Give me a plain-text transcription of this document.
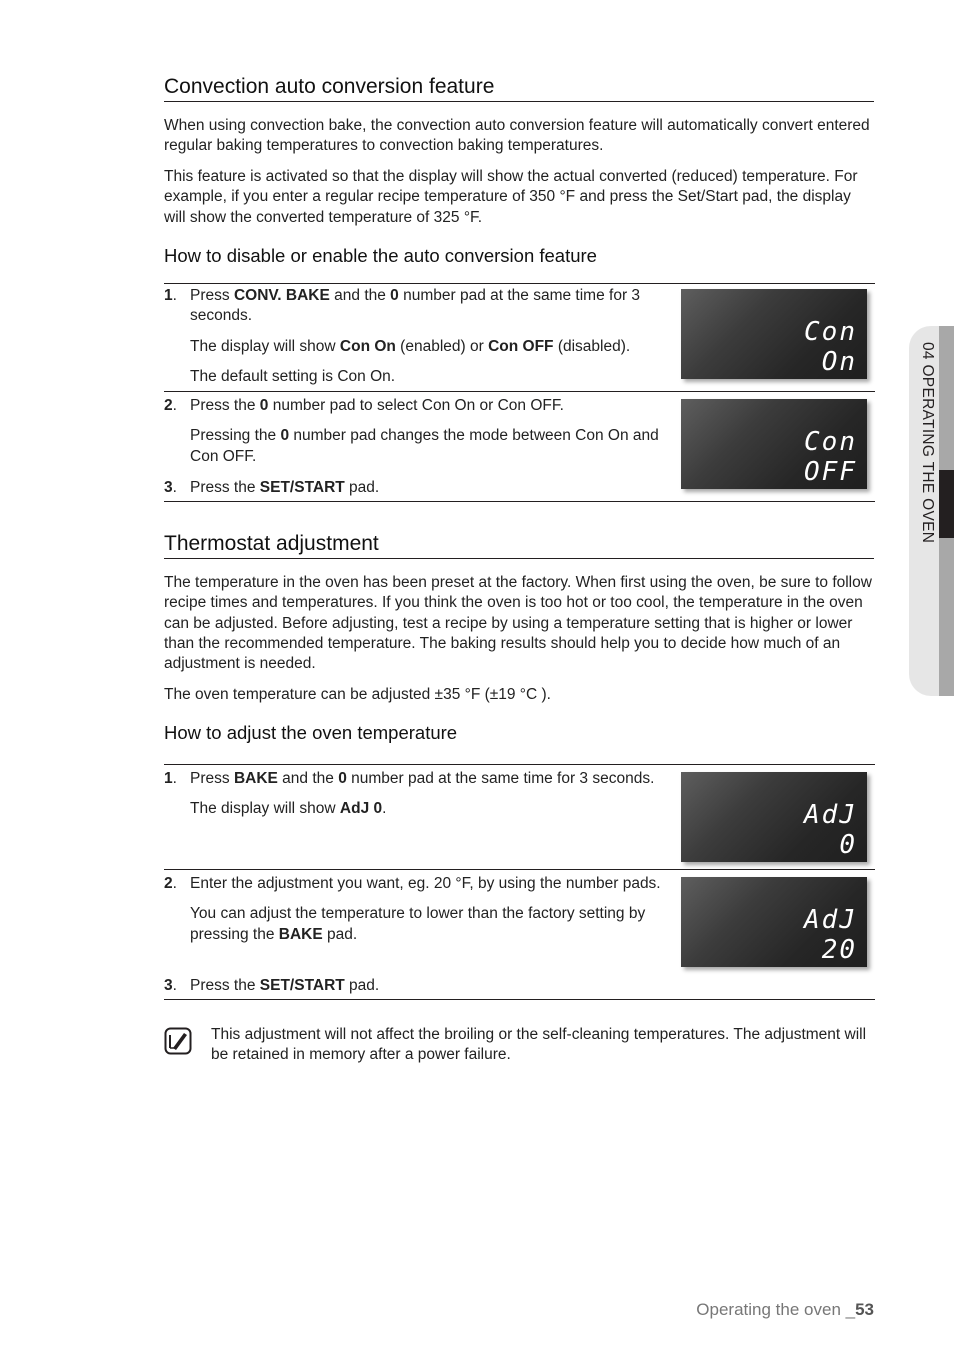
Convection auto conversion feature
When using convection bake, the convection auto conversion feature will automatically convert entered regular baking temperatures to convection baking temperatures.
This feature is activated so that the display will show the actual converted (reduced) temperature. For example, if you enter a regular recipe temperature of 350 °F and press the Set/Start pad, the display will show the converted temperature of 325 °F.
How to disable or enable the auto conversion feature
1. Press CONV. BAKE and the 0 number pad at the same time for 3 seconds.

The display will show Con On (enabled) or Con OFF (disabled).

The default setting is Con On.

Con
On
2. Press the 0 number pad to select Con On or Con OFF.

Pressing the 0 number pad changes the mode between Con On and Con OFF.

3. Press the SET/START pad.

Con
OFF
Thermostat adjustment
The temperature in the oven has been preset at the factory. When first using the oven, be sure to follow recipe times and temperatures. If you think the oven is too hot or too cool, the temperature in the oven can be adjusted. Before adjusting, test a recipe by using a temperature setting that is higher or lower than the recommended temperature. The baking results should help you to decide how much of an adjustment is needed.
The oven temperature can be adjusted ±35 °F (±19 °C ).
How to adjust the oven temperature
1. Press BAKE and the 0 number pad at the same time for 3 seconds.

The display will show AdJ 0.	AdJ
0
2. Enter the adjustment you want, eg. 20 °F, by using the number pads.

You can adjust the temperature to lower than the factory setting by pressing the BAKE pad.

3. Press the SET/START pad.

AdJ
20
This adjustment will not affect the broiling or the self-cleaning temperatures. The adjustment will be retained in memory after a power failure.
04 OPERATING THE OVEN
Operating the oven _53
